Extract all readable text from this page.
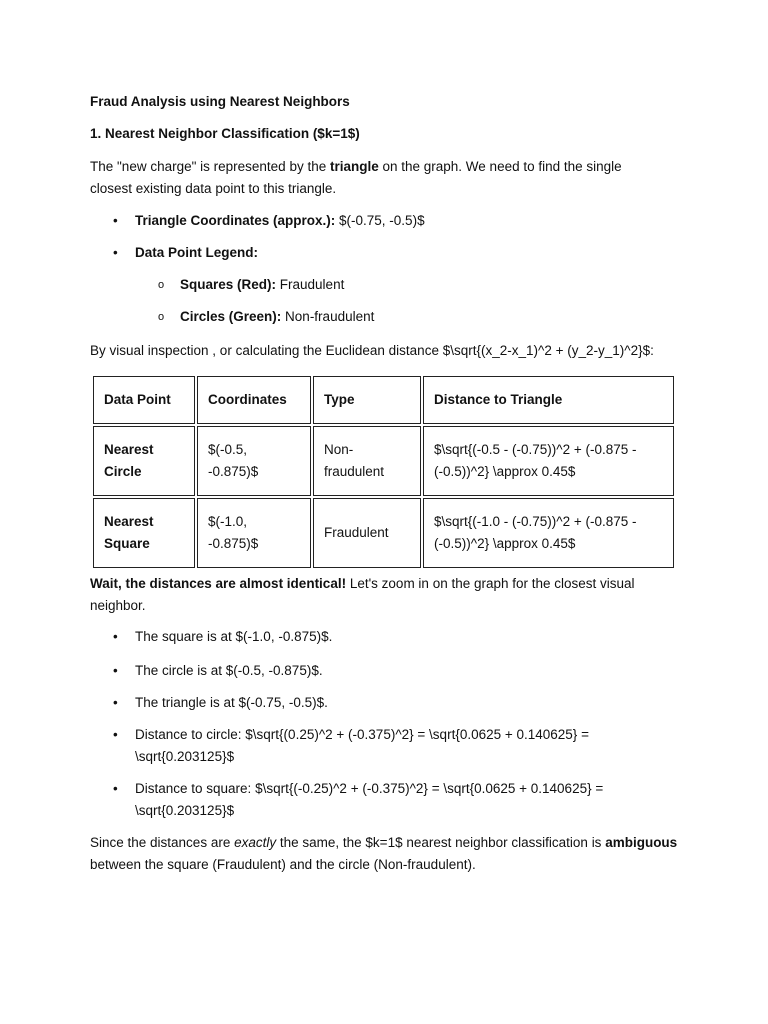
Fraud Analysis using Nearest Neighbors

1. Nearest Neighbor Classification ($k=1$)

The "new charge" is represented by the triangle on the graph. We need to find the single closest existing data point to this triangle.

•	Triangle Coordinates (approx.): $(-0.75, -0.5)$

•	Data Point Legend:

o Squares (Red): Fraudulent

o Circles (Green): Non-fraudulent

By visual inspection , or calculating the Euclidean distance $\sqrt{(x_2-x_1)^2 + (y_2-y_1)^2}$:

Data Point	Coordinates	Type	Distance to Triangle
Nearest Circle	$(-0.5, -0.875)$	Non-fraudulent	$\sqrt{(-0.5 - (-0.75))^2 + (-0.875 - (-0.5))^2} \approx 0.45$
Nearest Square	$(-1.0, -0.875)$	Fraudulent	$\sqrt{(-1.0 - (-0.75))^2 + (-0.875 - (-0.5))^2} \approx 0.45$

Wait, the distances are almost identical! Let's zoom in on the graph for the closest visual neighbor.

•	The square is at $(-1.0, -0.875)$.

•	The circle is at $(-0.5, -0.875)$.

•	The triangle is at $(-0.75, -0.5)$.

•	Distance to circle: $\sqrt{(0.25)^2 + (-0.375)^2} = \sqrt{0.0625 + 0.140625} = \sqrt{0.203125}$

•	Distance to square: $\sqrt{(-0.25)^2 + (-0.375)^2} = \sqrt{0.0625 + 0.140625} = \sqrt{0.203125}$

Since the distances are exactly the same, the $k=1$ nearest neighbor classification is ambiguous between the square (Fraudulent) and the circle (Non-fraudulent).
